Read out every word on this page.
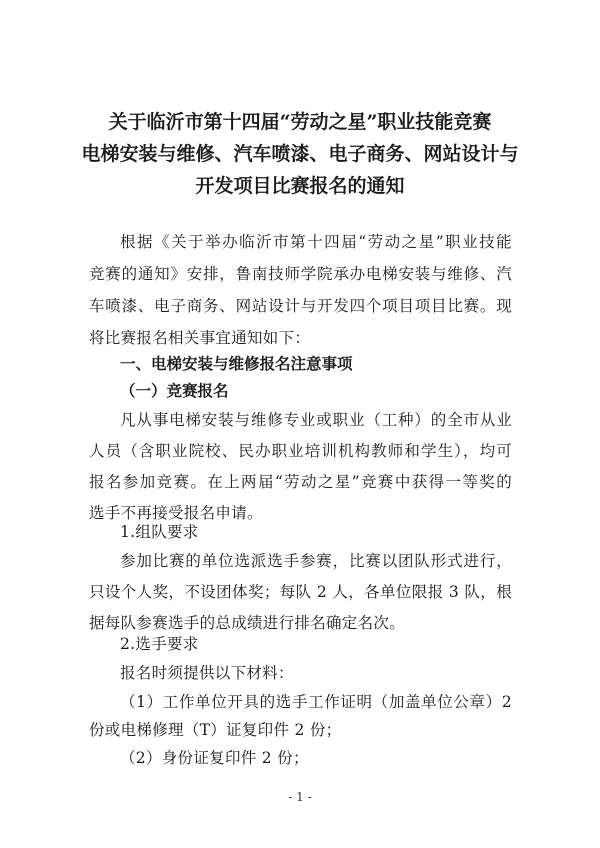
关于临沂市第十四届“劳动之星”职业技能竞赛
电梯安装与维修、汽车喷漆、电子商务、网站设计与
开发项目比赛报名的通知
根据《关于举办临沂市第十四届“劳动之星”职业技能
竞赛的通知》安排，鲁南技师学院承办电梯安装与维修、汽
车喷漆、电子商务、网站设计与开发四个项目项目比赛。现
将比赛报名相关事宜通知如下：
一、电梯安装与维修报名注意事项
（一）竞赛报名
凡从事电梯安装与维修专业或职业（工种）的全市从业
人员（含职业院校、民办职业培训机构教师和学生），均可
报名参加竞赛。在上两届“劳动之星”竞赛中获得一等奖的
选手不再接受报名申请。
1.组队要求
参加比赛的单位选派选手参赛，比赛以团队形式进行，
只设个人奖，不设团体奖；每队 2 人，各单位限报 3 队，根
据每队参赛选手的总成绩进行排名确定名次。
2.选手要求
报名时须提供以下材料：
（1）工作单位开具的选手工作证明（加盖单位公章）2
份或电梯修理（T）证复印件 2 份；
（2）身份证复印件 2 份；
- 1 -
